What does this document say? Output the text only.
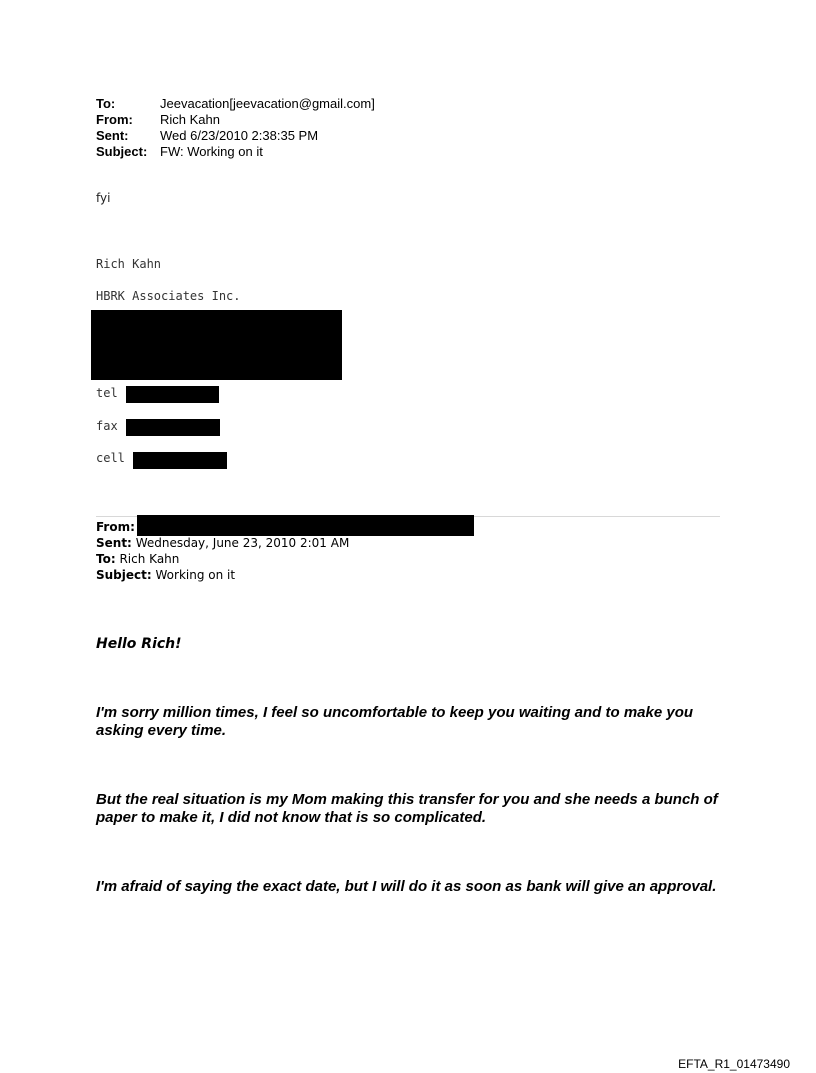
To:	Jeevacation[jeevacation@gmail.com]
From:	Rich Kahn
Sent:	Wed 6/23/2010 2:38:35 PM
Subject: FW: Working on it
fyi
Rich Kahn
HBRK Associates Inc.
tel
fax
cell
From:
Sent: Wednesday, June 23, 2010 2:01 AM
To: Rich Kahn
Subject: Working on it
Hello Rich!
I'm sorry million times, I feel so uncomfortable to keep you waiting and to make you asking every time.
But the real situation is my Mom making this transfer for you and she needs a bunch of paper to make it, I did not know that is so complicated.
I'm afraid of saying the exact date, but I will do it as soon as bank will give an approval.
EFTA_R1_01473490
